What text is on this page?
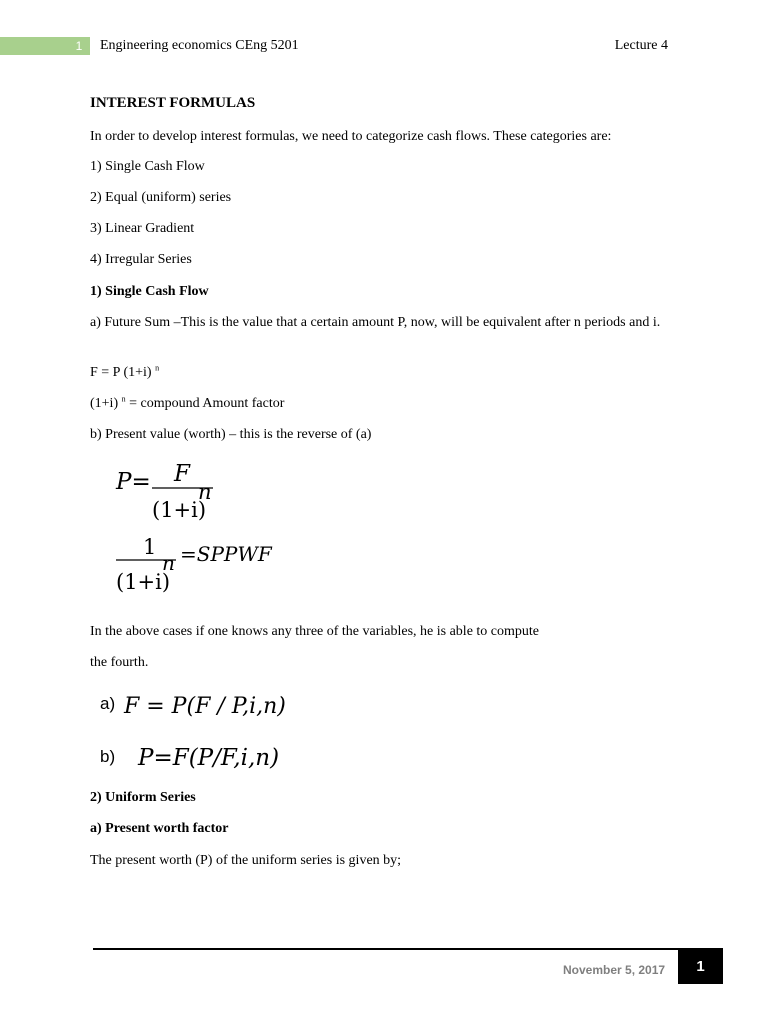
1 Engineering economics CEng 5201	Lecture 4
INTEREST FORMULAS
In order to develop interest formulas, we need to categorize cash flows. These categories are:
1) Single Cash Flow
2) Equal (uniform) series
3) Linear Gradient
4) Irregular Series
1) Single Cash Flow
a) Future Sum –This is the value that a certain amount P, now, will be equivalent after n periods and i.
F = P (1+i) $^n$
(1+i) $^n$ = compound Amount factor
b) Present value (worth) – this is the reverse of (a)
P= F
(1+i)
n
1
(1+i)
n =SPPWF
In the above cases if one knows any three of the variables, he is able to compute
the fourth.
a) F = P(F / P,i,n)
b) P=F(P/F,i,n)
2) Uniform Series
a) Present worth factor
The present worth (P) of the uniform series is given by;
November 5, 2017	1
